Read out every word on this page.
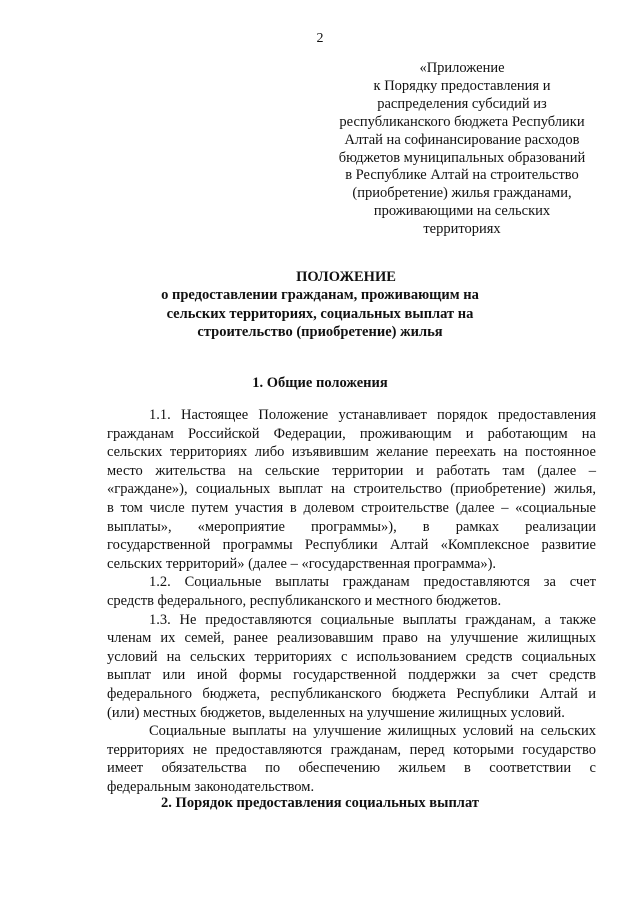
2
«Приложение
к Порядку предоставления и
распределения субсидий из
республиканского бюджета Республики
Алтай на софинансирование расходов
бюджетов муниципальных образований
в Республике Алтай на строительство
(приобретение) жилья гражданами,
проживающими на сельских
территориях
ПОЛОЖЕНИЕ
о предоставлении гражданам, проживающим на
сельских территориях, социальных выплат на
строительство (приобретение) жилья
1. Общие положения
1.1. Настоящее Положение устанавливает порядок предоставления
гражданам Российской Федерации, проживающим и работающим на
сельских территориях либо изъявившим желание переехать на постоянное
место жительства на сельские территории и работать там (далее –
«граждане»), социальных выплат на строительство (приобретение) жилья,
в том числе путем участия в долевом строительстве (далее – «социальные
выплаты», «мероприятие программы»), в рамках реализации
государственной программы Республики Алтай «Комплексное развитие
сельских территорий» (далее – «государственная программа»).
1.2. Социальные выплаты гражданам предоставляются за счет
средств федерального, республиканского и местного бюджетов.
1.3. Не предоставляются социальные выплаты гражданам, а также
членам их семей, ранее реализовавшим право на улучшение жилищных
условий на сельских территориях с использованием средств социальных
выплат или иной формы государственной поддержки за счет средств
федерального бюджета, республиканского бюджета Республики Алтай и
(или) местных бюджетов, выделенных на улучшение жилищных условий.
Социальные выплаты на улучшение жилищных условий на сельских
территориях не предоставляются гражданам, перед которыми государство
имеет обязательства по обеспечению жильем в соответствии с
федеральным законодательством.
2. Порядок предоставления социальных выплат
